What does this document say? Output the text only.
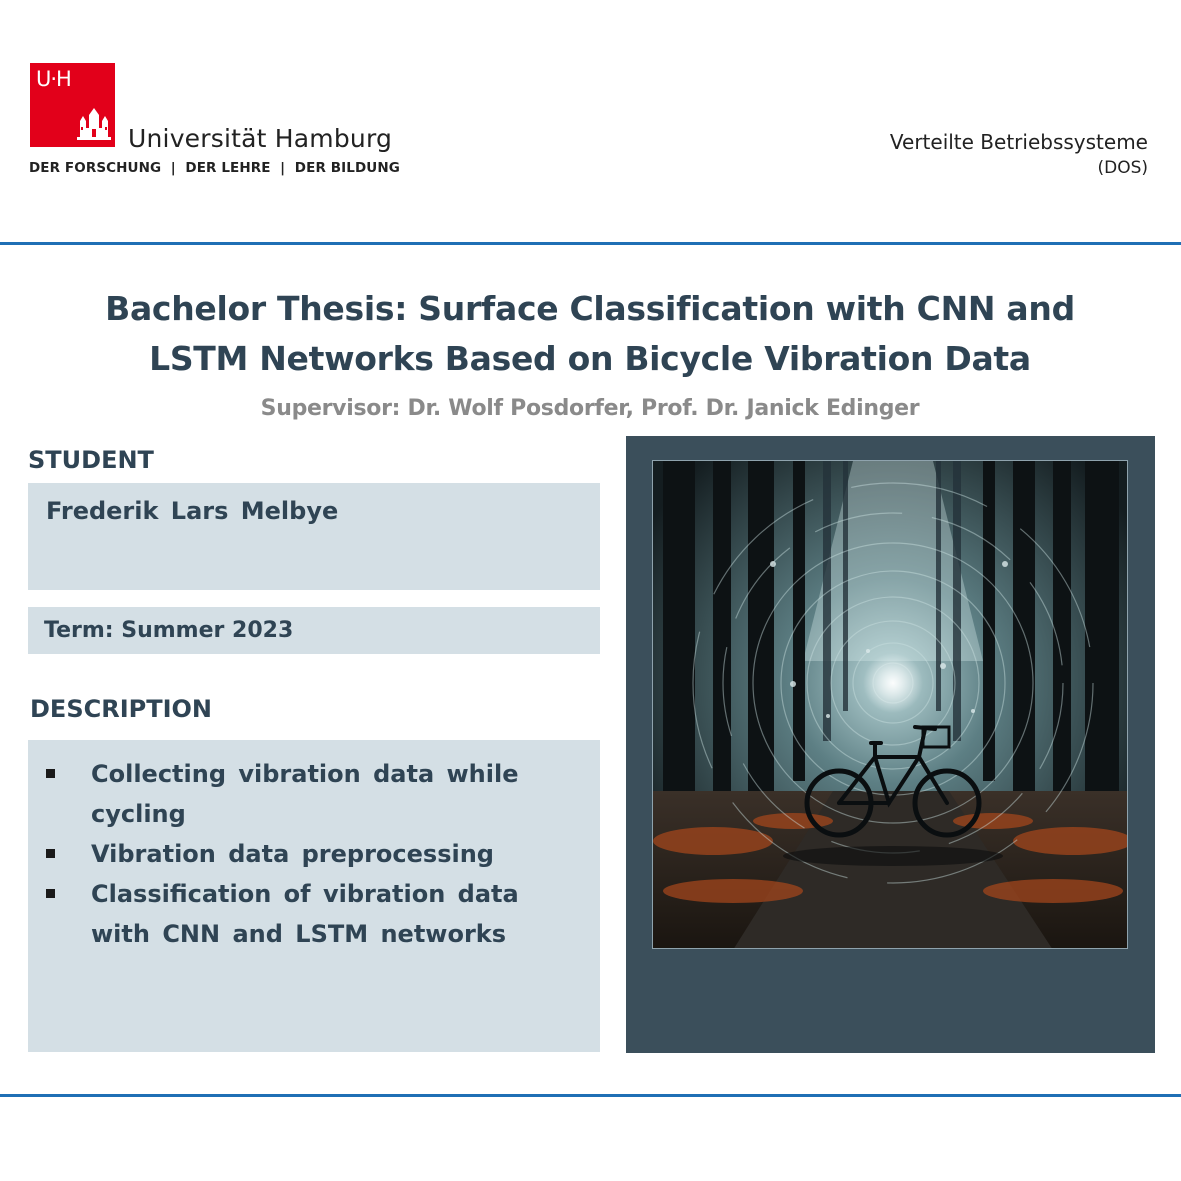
U·H
Universität Hamburg
DER FORSCHUNG  |  DER LEHRE  |  DER BILDUNG
Verteilte Betriebssysteme
(DOS)
Bachelor Thesis: Surface Classification with CNN and
LSTM Networks Based on Bicycle Vibration Data
Supervisor: Dr. Wolf Posdorfer, Prof. Dr. Janick Edinger
STUDENT
Frederik Lars Melbye
Term: Summer 2023
DESCRIPTION
Collecting vibration data while cycling
Vibration data preprocessing
Classification of vibration data with CNN and LSTM networks
